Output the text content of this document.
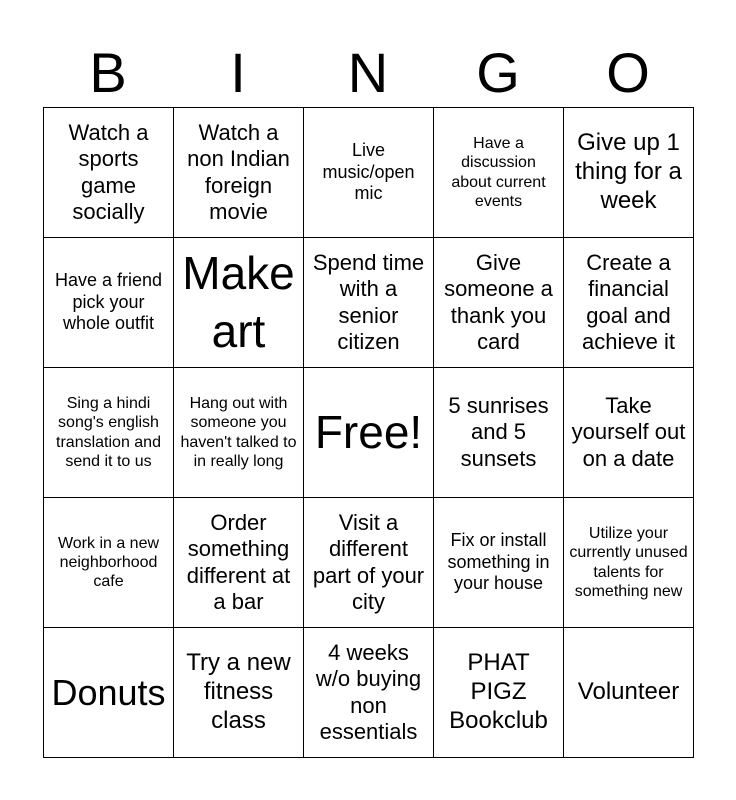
B	I	N	G	O
Watch a sports game socially	Watch a non Indian foreign movie	Live music/open mic	Have a discussion about current events	Give up 1 thing for a week
Have a friend pick your whole outfit	Make art	Spend time with a senior citizen	Give someone a thank you card	Create a financial goal and achieve it
Sing a hindi song's english translation and send it to us	Hang out with someone you haven't talked to in really long	Free!	5 sunrises and 5 sunsets	Take yourself out on a date
Work in a new neighborhood cafe	Order something different at a bar	Visit a different part of your city	Fix or install something in your house	Utilize your currently unused talents for something new
Donuts	Try a new fitness class	4 weeks w/o buying non essentials	PHAT PIGZ Bookclub	Volunteer
